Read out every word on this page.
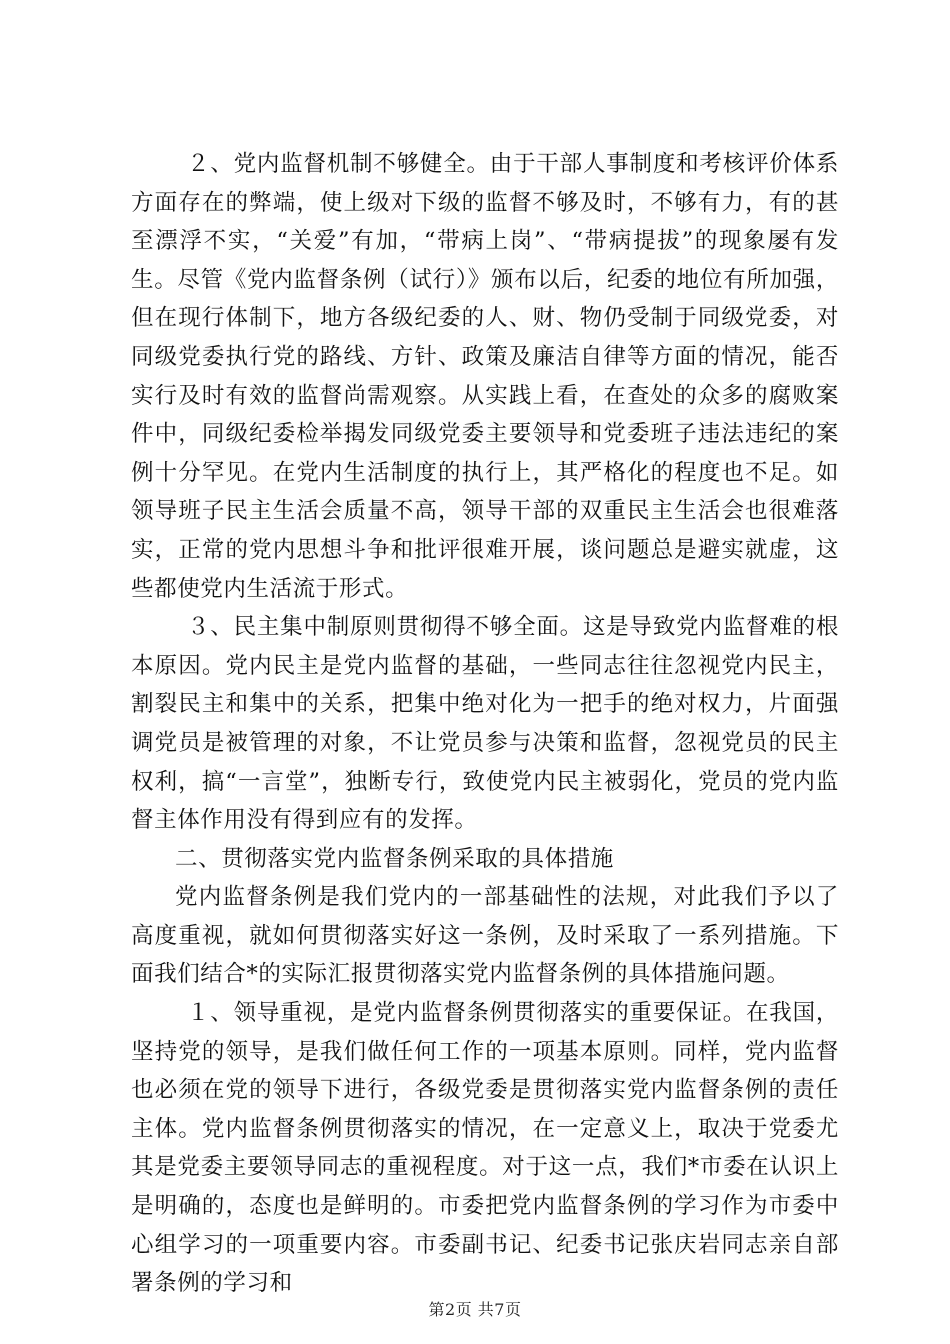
２、党内监督机制不够健全。由于干部人事制度和考核评价体系方面存在的弊端，使上级对下级的监督不够及时，不够有力，有的甚至漂浮不实，“关爱”有加，“带病上岗”、“带病提拔”的现象屡有发生。尽管《党内监督条例（试行）》颁布以后，纪委的地位有所加强，但在现行体制下，地方各级纪委的人、财、物仍受制于同级党委，对同级党委执行党的路线、方针、政策及廉洁自律等方面的情况，能否实行及时有效的监督尚需观察。从实践上看，在查处的众多的腐败案件中，同级纪委检举揭发同级党委主要领导和党委班子违法违纪的案例十分罕见。在党内生活制度的执行上，其严格化的程度也不足。如领导班子民主生活会质量不高，领导干部的双重民主生活会也很难落实，正常的党内思想斗争和批评很难开展，谈问题总是避实就虚，这些都使党内生活流于形式。

３、民主集中制原则贯彻得不够全面。这是导致党内监督难的根本原因。党内民主是党内监督的基础，一些同志往往忽视党内民主，割裂民主和集中的关系，把集中绝对化为一把手的绝对权力，片面强调党员是被管理的对象，不让党员参与决策和监督，忽视党员的民主权利，搞“一言堂”，独断专行，致使党内民主被弱化，党员的党内监督主体作用没有得到应有的发挥。

二、贯彻落实党内监督条例采取的具体措施

党内监督条例是我们党内的一部基础性的法规，对此我们予以了高度重视，就如何贯彻落实好这一条例，及时采取了一系列措施。下面我们结合*的实际汇报贯彻落实党内监督条例的具体措施问题。

１、领导重视，是党内监督条例贯彻落实的重要保证。在我国，坚持党的领导，是我们做任何工作的一项基本原则。同样，党内监督也必须在党的领导下进行，各级党委是贯彻落实党内监督条例的责任主体。党内监督条例贯彻落实的情况，在一定意义上，取决于党委尤其是党委主要领导同志的重视程度。对于这一点，我们*市委在认识上是明确的，态度也是鲜明的。市委把党内监督条例的学习作为市委中心组学习的一项重要内容。市委副书记、纪委书记张庆岩同志亲自部署条例的学习和

第2页 共7页
